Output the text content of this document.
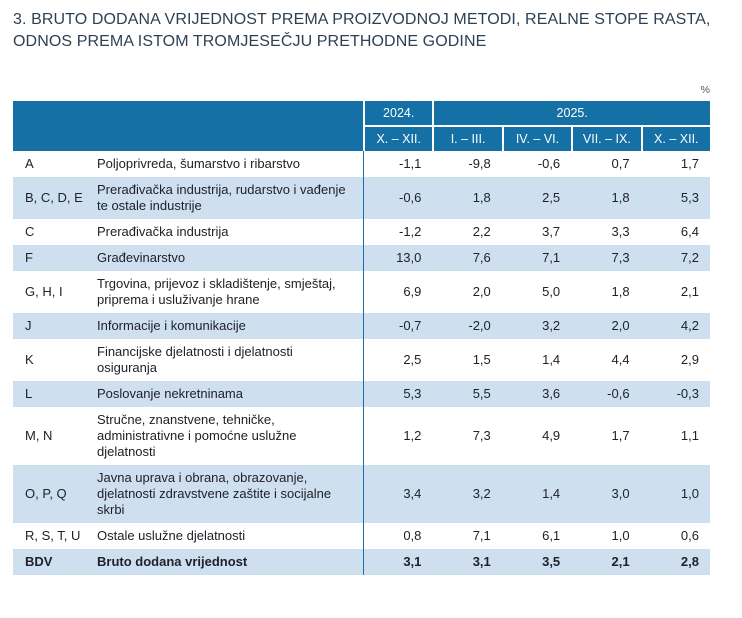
3. BRUTO DODANA VRIJEDNOST PREMA PROIZVODNOJ METODI, REALNE STOPE RASTA, ODNOS PREMA ISTOM TROMJESEČJU PRETHODNE GODINE
%
		2024.	2025.			
		X. – XII.	I. – III.	IV. – VI.	VII. – IX.	X. – XII.
A	Poljoprivreda, šumarstvo i ribarstvo	-1,1	-9,8	-0,6	0,7	1,7
B, C, D, E	Prerađivačka industrija, rudarstvo i vađenje te ostale industrije	-0,6	1,8	2,5	1,8	5,3
C	Prerađivačka industrija	-1,2	2,2	3,7	3,3	6,4
F	Građevinarstvo	13,0	7,6	7,1	7,3	7,2
G, H, I	Trgovina, prijevoz i skladištenje, smještaj, priprema i usluživanje hrane	6,9	2,0	5,0	1,8	2,1
J	Informacije i komunikacije	-0,7	-2,0	3,2	2,0	4,2
K	Financijske djelatnosti i djelatnosti osiguranja	2,5	1,5	1,4	4,4	2,9
L	Poslovanje nekretninama	5,3	5,5	3,6	-0,6	-0,3
M, N	Stručne, znanstvene, tehničke, administrativne i pomoćne uslužne djelatnosti	1,2	7,3	4,9	1,7	1,1
O, P, Q	Javna uprava i obrana, obrazovanje, djelatnosti zdravstvene zaštite i socijalne skrbi	3,4	3,2	1,4	3,0	1,0
R, S, T, U	Ostale uslužne djelatnosti	0,8	7,1	6,1	1,0	0,6
BDV	Bruto dodana vrijednost	3,1	3,1	3,5	2,1	2,8
